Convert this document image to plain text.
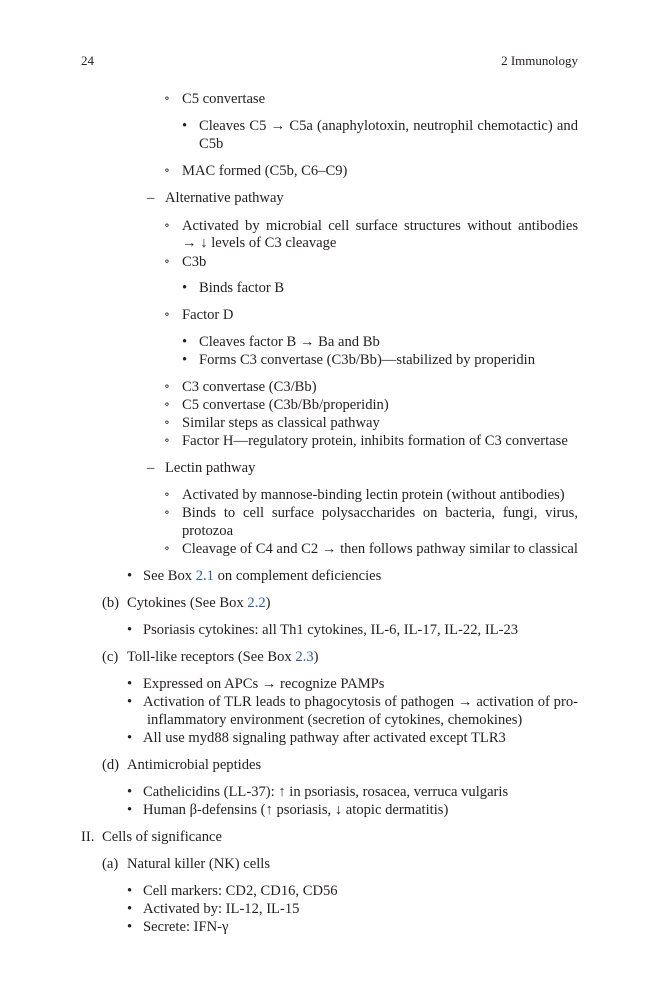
24	2 Immunology
∘ C5 convertase
• Cleaves C5 → C5a (anaphylotoxin, neutrophil chemotactic) and
C5b
∘ MAC formed (C5b, C6–C9)
– Alternative pathway
∘ Activated by microbial cell surface structures without antibodies
→ ↓ levels of C3 cleavage
∘ C3b
• Binds factor B
∘ Factor D
• Cleaves factor B → Ba and Bb
• Forms C3 convertase (C3b/Bb)—stabilized by properidin
∘ C3 convertase (C3/Bb)
∘ C5 convertase (C3b/Bb/properidin)
∘ Similar steps as classical pathway
∘ Factor H—regulatory protein, inhibits formation of C3 convertase
– Lectin pathway
∘ Activated by mannose-binding lectin protein (without antibodies)
∘ Binds to cell surface polysaccharides on bacteria, fungi, virus,
protozoa
∘ Cleavage of C4 and C2 → then follows pathway similar to classical
• See Box 2.1 on complement deficiencies
(b) Cytokines (See Box 2.2)
• Psoriasis cytokines: all Th1 cytokines, IL-6, IL-17, IL-22, IL-23
(c) Toll-like receptors (See Box 2.3)
• Expressed on APCs → recognize PAMPs
• Activation of TLR leads to phagocytosis of pathogen → activation of pro-
inflammatory environment (secretion of cytokines, chemokines)
• All use myd88 signaling pathway after activated except TLR3
(d) Antimicrobial peptides
• Cathelicidins (LL-37): ↑ in psoriasis, rosacea, verruca vulgaris
• Human β-defensins (↑ psoriasis, ↓ atopic dermatitis)
II. Cells of significance
(a) Natural killer (NK) cells
• Cell markers: CD2, CD16, CD56
• Activated by: IL-12, IL-15
• Secrete: IFN-γ
